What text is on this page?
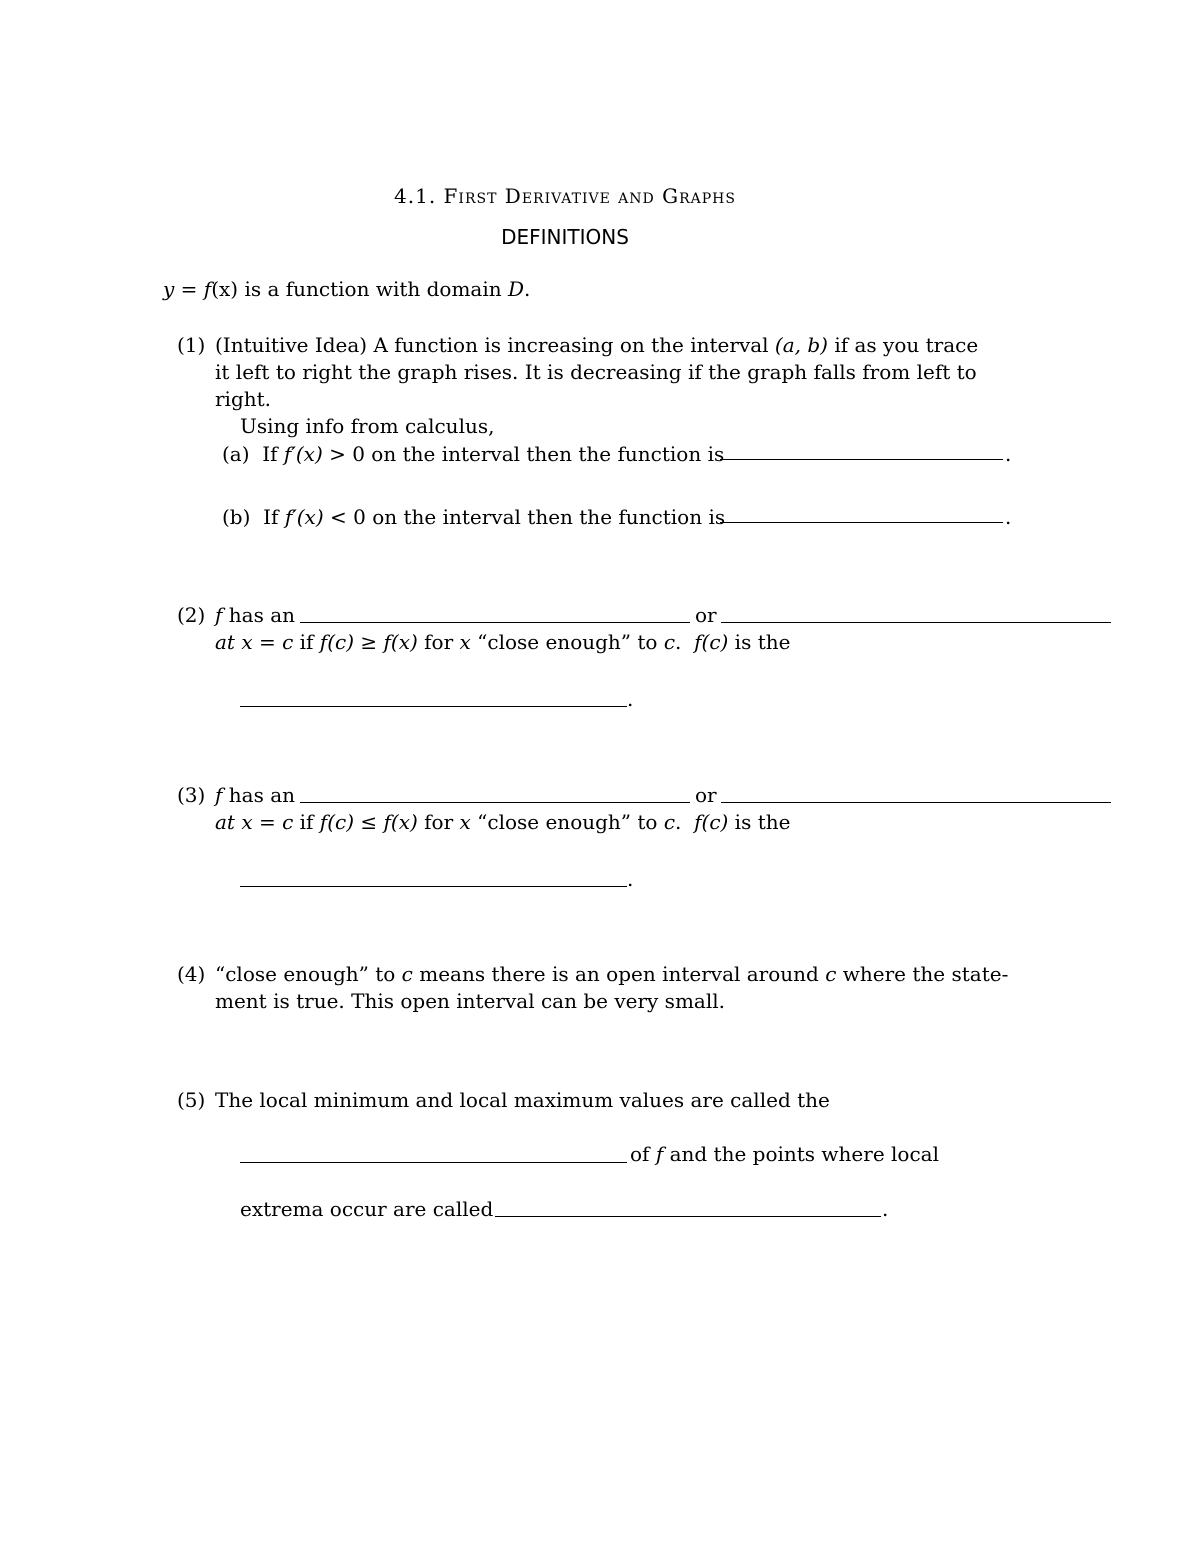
4.1. First Derivative and Graphs
DEFINITIONS
y = f(x) is a function with domain D.
(1) (Intuitive Idea) A function is increasing on the interval (a, b) if as you trace
it left to right the graph rises. It is decreasing if the graph falls from left to
right.
Using info from calculus,
(a) If f′(x) > 0 on the interval then the function is	.
(b) If f′(x) < 0 on the interval then the function is	.
(2) f has an	or
at x = c if f(c) ≥ f(x) for x “close enough” to c. f(c) is the
.
(3) f has an	or
at x = c if f(c) ≤ f(x) for x “close enough” to c. f(c) is the
.
(4) “close enough” to c means there is an open interval around c where the state-
ment is true. This open interval can be very small.
(5) The local minimum and local maximum values are called the
of f and the points where local
extrema occur are called	.
